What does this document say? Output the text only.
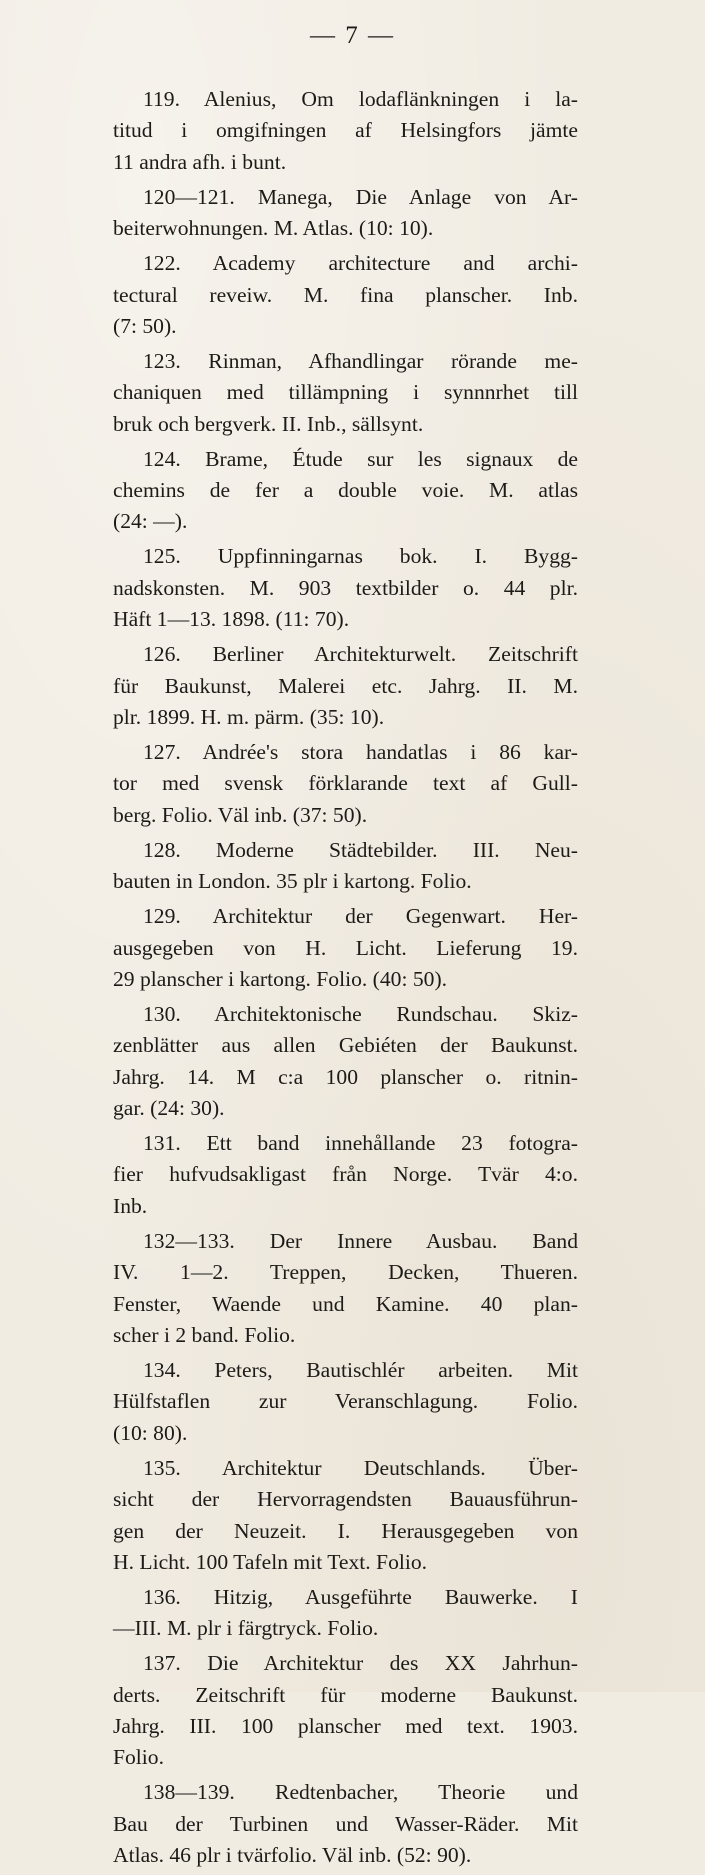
— 7 —
119. Alenius, Om lodaflänkningen i la-
titud i omgifningen af Helsingfors jämte
11 andra afh. i bunt.
120—121. Manega, Die Anlage von Ar-
beiterwohnungen. M. Atlas. (10: 10).
122. Academy architecture and archi-
tectural reveiw. M. fina planscher. Inb.
(7: 50).
123. Rinman, Afhandlingar rörande me-
chaniquen med tillämpning i synnnrhet till
bruk och bergverk. II. Inb., sällsynt.
124. Brame, Étude sur les signaux de
chemins de fer a double voie. M. atlas
(24: —).
125. Uppfinningarnas bok. I. Bygg-
nadskonsten. M. 903 textbilder o. 44 plr.
Häft 1—13. 1898. (11: 70).
126. Berliner Architekturwelt. Zeitschrift
für Baukunst, Malerei etc. Jahrg. II. M.
plr. 1899. H. m. pärm. (35: 10).
127. Andrée's stora handatlas i 86 kar-
tor med svensk förklarande text af Gull-
berg. Folio. Väl inb. (37: 50).
128. Moderne Städtebilder. III. Neu-
bauten in London. 35 plr i kartong. Folio.
129. Architektur der Gegenwart. Her-
ausgegeben von H. Licht. Lieferung 19.
29 planscher i kartong. Folio. (40: 50).
130. Architektonische Rundschau. Skiz-
zenblätter aus allen Gebiéten der Baukunst.
Jahrg. 14. M c:a 100 planscher o. ritnin-
gar. (24: 30).
131. Ett band innehållande 23 fotogra-
fier hufvudsakligast från Norge. Tvär 4:o.
Inb.
132—133. Der Innere Ausbau. Band
IV. 1—2. Treppen, Decken, Thueren.
Fenster, Waende und Kamine. 40 plan-
scher i 2 band. Folio.
134. Peters, Bautischlér arbeiten. Mit
Hülfstaflen zur Veranschlagung. Folio.
(10: 80).
135. Architektur Deutschlands. Über-
sicht der Hervorragendsten Bauausführun-
gen der Neuzeit. I. Herausgegeben von
H. Licht. 100 Tafeln mit Text. Folio.
136. Hitzig, Ausgeführte Bauwerke. I
—III. M. plr i färgtryck. Folio.
137. Die Architektur des XX Jahrhun-
derts. Zeitschrift für moderne Baukunst.
Jahrg. III. 100 planscher med text. 1903.
Folio.
138—139. Redtenbacher, Theorie und
Bau der Turbinen und Wasser-Räder. Mit
Atlas. 46 plr i tvärfolio. Väl inb. (52: 90).
